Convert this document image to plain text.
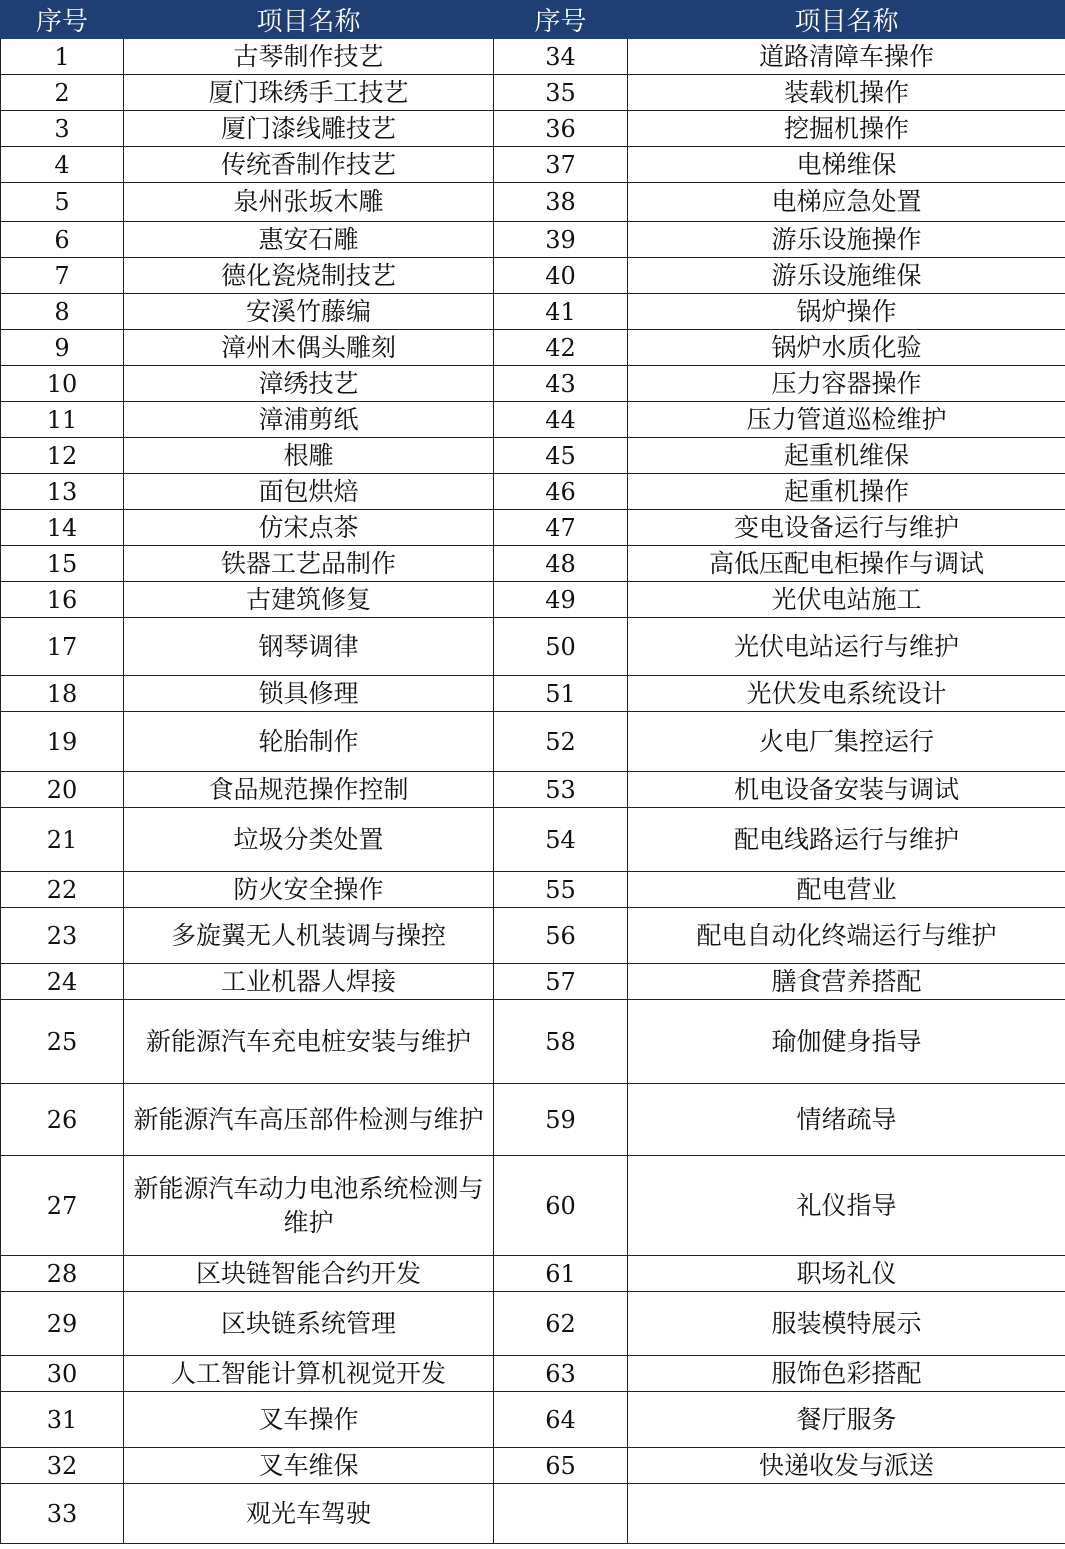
序号	项目名称	序号	项目名称
1	古琴制作技艺	34	道路清障车操作
2	厦门珠绣手工技艺	35	装载机操作
3	厦门漆线雕技艺	36	挖掘机操作
4	传统香制作技艺	37	电梯维保
5	泉州张坂木雕	38	电梯应急处置
6	惠安石雕	39	游乐设施操作
7	德化瓷烧制技艺	40	游乐设施维保
8	安溪竹藤编	41	锅炉操作
9	漳州木偶头雕刻	42	锅炉水质化验
10	漳绣技艺	43	压力容器操作
11	漳浦剪纸	44	压力管道巡检维护
12	根雕	45	起重机维保
13	面包烘焙	46	起重机操作
14	仿宋点茶	47	变电设备运行与维护
15	铁器工艺品制作	48	高低压配电柜操作与调试
16	古建筑修复	49	光伏电站施工
17	钢琴调律	50	光伏电站运行与维护
18	锁具修理	51	光伏发电系统设计
19	轮胎制作	52	火电厂集控运行
20	食品规范操作控制	53	机电设备安装与调试
21	垃圾分类处置	54	配电线路运行与维护
22	防火安全操作	55	配电营业
23	多旋翼无人机装调与操控	56	配电自动化终端运行与维护
24	工业机器人焊接	57	膳食营养搭配
25	新能源汽车充电桩安装与维护	58	瑜伽健身指导
26	新能源汽车高压部件检测与维护	59	情绪疏导
27	新能源汽车动力电池系统检测与维护	60	礼仪指导
28	区块链智能合约开发	61	职场礼仪
29	区块链系统管理	62	服装模特展示
30	人工智能计算机视觉开发	63	服饰色彩搭配
31	叉车操作	64	餐厅服务
32	叉车维保	65	快递收发与派送
33	观光车驾驶		
